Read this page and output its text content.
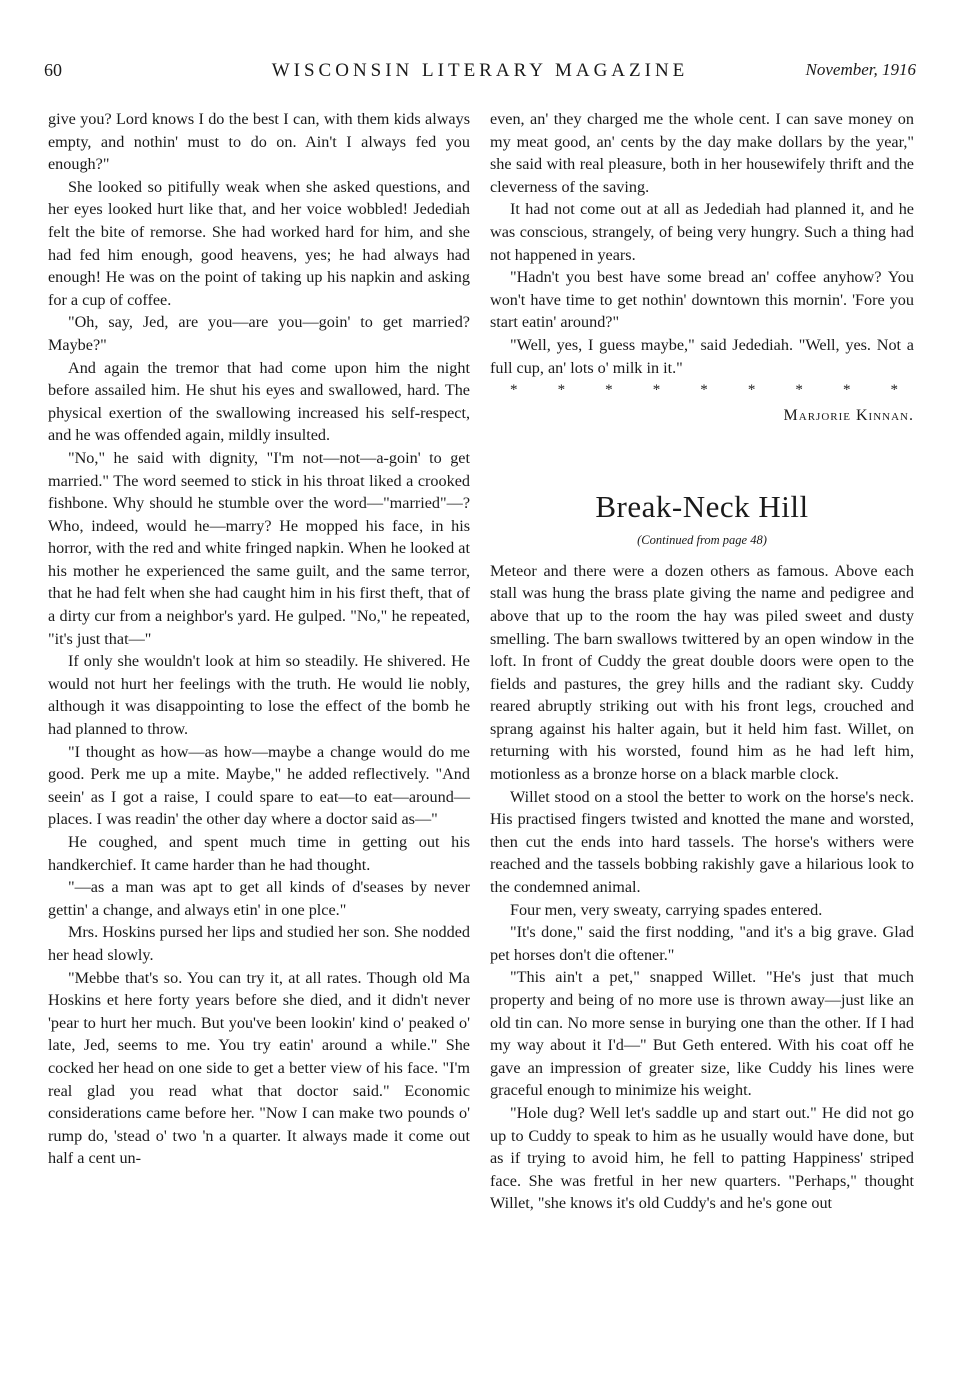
60	WISCONSIN LITERARY MAGAZINE	November, 1916

give you? Lord knows I do the best I can, with them kids always empty, and nothin' must to do on. Ain't I always fed you enough?"

She looked so pitifully weak when she asked questions, and her eyes looked hurt like that, and her voice wobbled! Jedediah felt the bite of remorse. She had worked hard for him, and she had fed him enough, good heavens, yes; he had always had enough! He was on the point of taking up his napkin and asking for a cup of coffee.

"Oh, say, Jed, are you—are you—goin' to get married? Maybe?"

And again the tremor that had come upon him the night before assailed him. He shut his eyes and swallowed, hard. The physical exertion of the swallowing increased his self-respect, and he was offended again, mildly insulted.

"No," he said with dignity, "I'm not—not—a-goin' to get married." The word seemed to stick in his throat liked a crooked fishbone. Why should he stumble over the word—"married"—? Who, indeed, would he—marry? He mopped his face, in his horror, with the red and white fringed napkin. When he looked at his mother he experienced the same guilt, and the same terror, that he had felt when she had caught him in his first theft, that of a dirty cur from a neighbor's yard. He gulped. "No," he repeated, "it's just that—"

If only she wouldn't look at him so steadily. He shivered. He would not hurt her feelings with the truth. He would lie nobly, although it was disappointing to lose the effect of the bomb he had planned to throw.

"I thought as how—as how—maybe a change would do me good. Perk me up a mite. Maybe," he added reflectively. "And seein' as I got a raise, I could spare to eat—to eat—around—places. I was readin' the other day where a doctor said as—"

He coughed, and spent much time in getting out his handkerchief. It came harder than he had thought.

"—as a man was apt to get all kinds of d'seases by never gettin' a change, and always etin' in one plce."

Mrs. Hoskins pursed her lips and studied her son. She nodded her head slowly.

"Mebbe that's so. You can try it, at all rates. Though old Ma Hoskins et here forty years before she died, and it didn't never 'pear to hurt her much. But you've been lookin' kind o' peaked o' late, Jed, seems to me. You try eatin' around a while." She cocked her head on one side to get a better view of his face. "I'm real glad you read what that doctor said." Economic considerations came before her. "Now I can make two pounds o' rump do, 'stead o' two 'n a quarter. It always made it come out half a cent un-

even, an' they charged me the whole cent. I can save money on my meat good, an' cents by the day make dollars by the year," she said with real pleasure, both in her housewifely thrift and the cleverness of the saving.

It had not come out at all as Jedediah had planned it, and he was conscious, strangely, of being very hungry. Such a thing had not happened in years.

"Hadn't you best have some bread an' coffee anyhow? You won't have time to get nothin' downtown this mornin'. 'Fore you start eatin' around?"

"Well, yes, I guess maybe," said Jedediah. "Well, yes. Not a full cup, an' lots o' milk in it."

*	*	*	*	*	*	*	*	*
Marjorie Kinnan.
Break-Neck Hill
(Continued from page 48)

Meteor and there were a dozen others as famous. Above each stall was hung the brass plate giving the name and pedigree and above that up to the room the hay was piled sweet and dusty smelling. The barn swallows twittered by an open window in the loft. In front of Cuddy the great double doors were open to the fields and pastures, the grey hills and the radiant sky. Cuddy reared abruptly striking out with his front legs, crouched and sprang against his halter again, but it held him fast. Willet, on returning with his worsted, found him as he had left him, motionless as a bronze horse on a black marble clock.

Willet stood on a stool the better to work on the horse's neck. His practised fingers twisted and knotted the mane and worsted, then cut the ends into hard tassels. The horse's withers were reached and the tassels bobbing rakishly gave a hilarious look to the condemned animal.

Four men, very sweaty, carrying spades entered.

"It's done," said the first nodding, "and it's a big grave. Glad pet horses don't die oftener."

"This ain't a pet," snapped Willet. "He's just that much property and being of no more use is thrown away—just like an old tin can. No more sense in burying one than the other. If I had my way about it I'd—" But Geth entered. With his coat off he gave an impression of greater size, like Cuddy his lines were graceful enough to minimize his weight.

"Hole dug? Well let's saddle up and start out." He did not go up to Cuddy to speak to him as he usually would have done, but as if trying to avoid him, he fell to patting Happiness' striped face. She was fretful in her new quarters. "Perhaps," thought Willet, "she knows it's old Cuddy's and he's gone out
